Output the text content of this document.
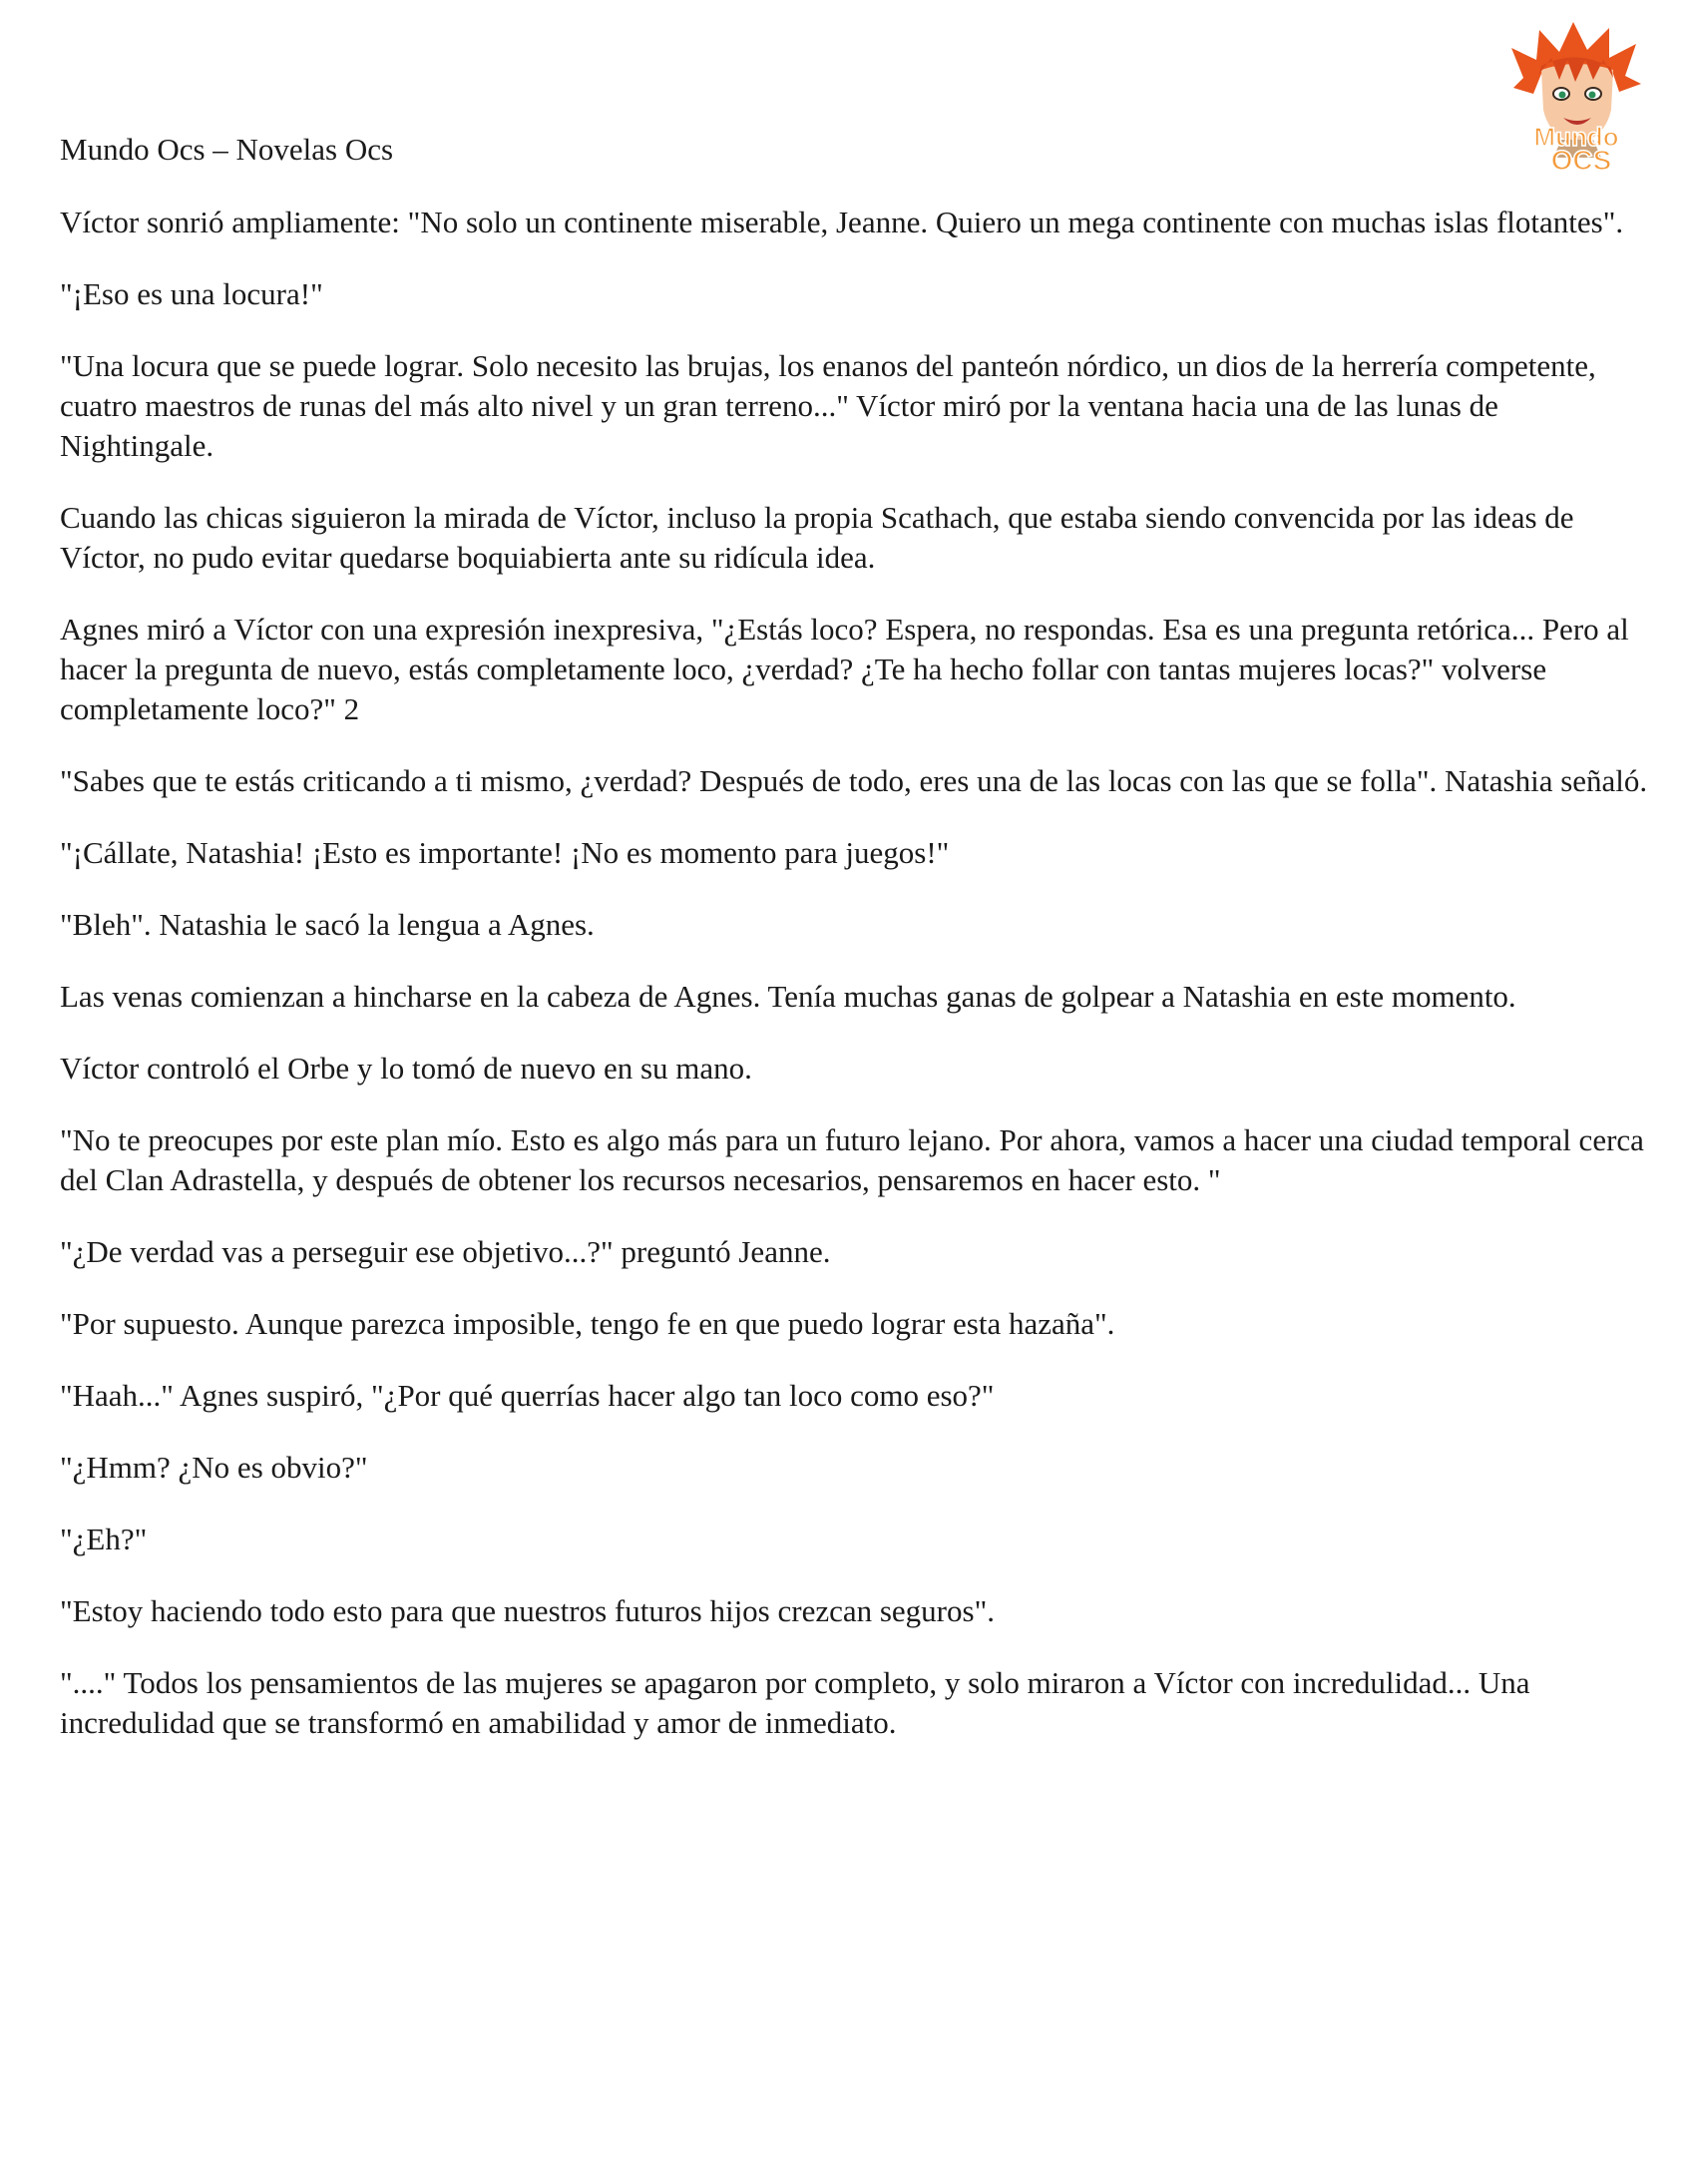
Mundo Ocs – Novelas Ocs	Mundo
OCS

Víctor sonrió ampliamente: "No solo un continente miserable, Jeanne. Quiero un mega continente con muchas islas flotantes".

"¡Eso es una locura!"

"Una locura que se puede lograr. Solo necesito las brujas, los enanos del panteón nórdico, un dios de la herrería competente, cuatro maestros de runas del más alto nivel y un gran terreno..." Víctor miró por la ventana hacia una de las lunas de Nightingale.

Cuando las chicas siguieron la mirada de Víctor, incluso la propia Scathach, que estaba siendo convencida por las ideas de Víctor, no pudo evitar quedarse boquiabierta ante su ridícula idea.

Agnes miró a Víctor con una expresión inexpresiva, "¿Estás loco? Espera, no respondas. Esa es una pregunta retórica... Pero al hacer la pregunta de nuevo, estás completamente loco, ¿verdad? ¿Te ha hecho follar con tantas mujeres locas?" volverse completamente loco?" 2

"Sabes que te estás criticando a ti mismo, ¿verdad? Después de todo, eres una de las locas con las que se folla". Natashia señaló.

"¡Cállate, Natashia! ¡Esto es importante! ¡No es momento para juegos!"

"Bleh". Natashia le sacó la lengua a Agnes.

Las venas comienzan a hincharse en la cabeza de Agnes. Tenía muchas ganas de golpear a Natashia en este momento.

Víctor controló el Orbe y lo tomó de nuevo en su mano.

"No te preocupes por este plan mío. Esto es algo más para un futuro lejano. Por ahora, vamos a hacer una ciudad temporal cerca del Clan Adrastella, y después de obtener los recursos necesarios, pensaremos en hacer esto. "

"¿De verdad vas a perseguir ese objetivo...?" preguntó Jeanne.

"Por supuesto. Aunque parezca imposible, tengo fe en que puedo lograr esta hazaña".

"Haah..." Agnes suspiró, "¿Por qué querrías hacer algo tan loco como eso?"

"¿Hmm? ¿No es obvio?"

"¿Eh?"

"Estoy haciendo todo esto para que nuestros futuros hijos crezcan seguros".

"...." Todos los pensamientos de las mujeres se apagaron por completo, y solo miraron a Víctor con incredulidad... Una incredulidad que se transformó en amabilidad y amor de inmediato.
